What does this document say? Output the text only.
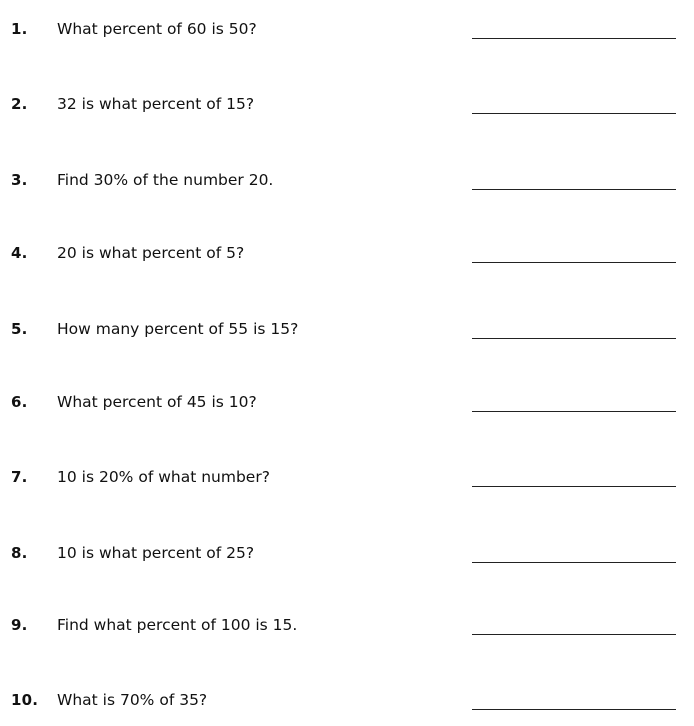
1. What percent of 60 is 50?
2. 32 is what percent of 15?
3. Find 30% of the number 20.
4. 20 is what percent of 5?
5. How many percent of 55 is 15?
6. What percent of 45 is 10?
7. 10 is 20% of what number?
8. 10 is what percent of 25?
9. Find what percent of 100 is 15.
10. What is 70% of 35?
